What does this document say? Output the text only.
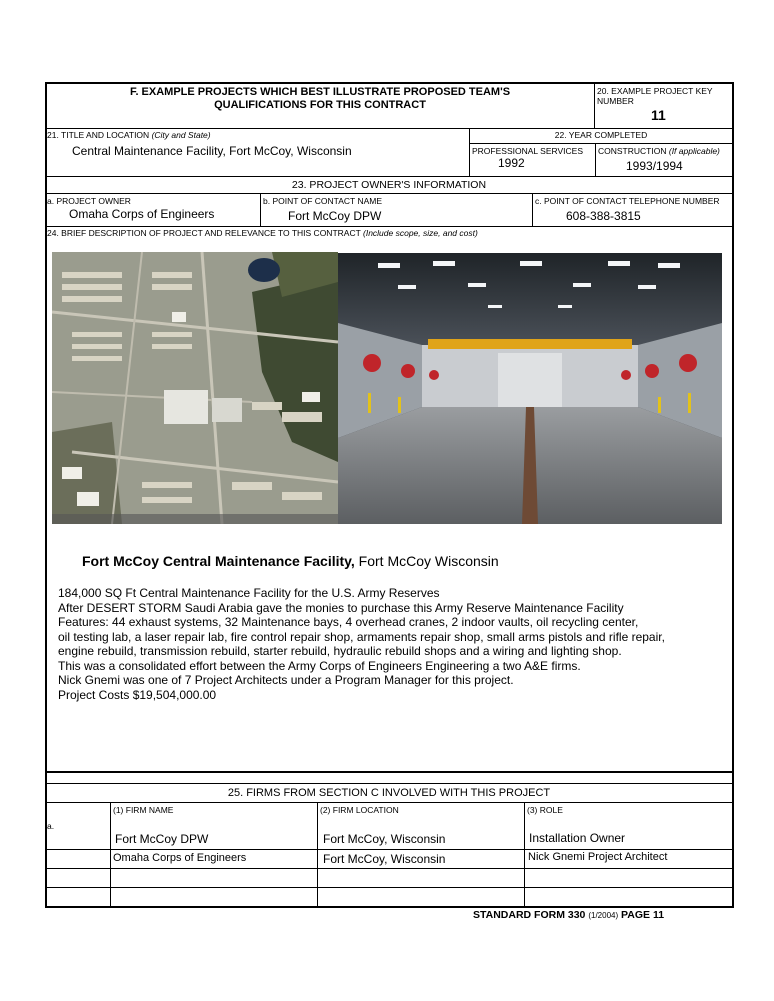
F. EXAMPLE PROJECTS WHICH BEST ILLUSTRATE PROPOSED TEAM'S
QUALIFICATIONS FOR THIS CONTRACT
20. EXAMPLE PROJECT KEY
NUMBER
11
21. TITLE AND LOCATION (City and State)
Central Maintenance Facility, Fort McCoy, Wisconsin
22. YEAR COMPLETED
PROFESSIONAL SERVICES
1992
CONSTRUCTION (If applicable)
1993/1994
23. PROJECT OWNER'S INFORMATION
a. PROJECT OWNER
Omaha Corps of Engineers
b. POINT OF CONTACT NAME
Fort McCoy DPW
c. POINT OF CONTACT TELEPHONE NUMBER
608-388-3815
24. BRIEF DESCRIPTION OF PROJECT AND RELEVANCE TO THIS CONTRACT (Include scope, size, and cost)
Fort McCoy Central Maintenance Facility, Fort McCoy Wisconsin
184,000 SQ Ft Central Maintenance Facility for the U.S. Army Reserves
After DESERT STORM Saudi Arabia gave the monies to purchase this Army Reserve Maintenance Facility
Features: 44 exhaust systems, 32 Maintenance bays, 4 overhead cranes, 2 indoor vaults, oil recycling center,
oil testing lab, a laser repair lab, fire control repair shop, armaments repair shop, small arms pistols and rifle repair,
engine rebuild, transmission rebuild, starter rebuild, hydraulic rebuild shops and a wiring and lighting shop.
This was a consolidated effort between the Army Corps of Engineers Engineering a two A&E firms.
Nick Gnemi was one of 7 Project Architects under a Program Manager for this project.
Project Costs $19,504,000.00
25. FIRMS FROM SECTION C INVOLVED WITH THIS PROJECT
(1) FIRM NAME	(2) FIRM LOCATION	(3) ROLE
a.
Fort McCoy DPW	Fort McCoy, Wisconsin	Installation Owner
Omaha Corps of Engineers	Fort McCoy, Wisconsin	Nick Gnemi Project Architect
STANDARD FORM 330 (1/2004) PAGE 11
